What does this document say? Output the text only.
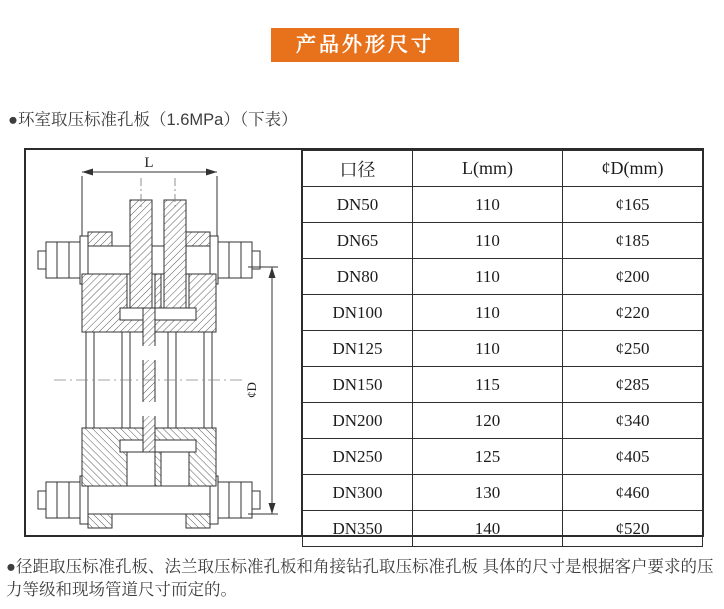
产品外形尺寸
●环室取压标准孔板（1.6MPa）（下表）
L
¢D
口径	L(mm)	¢D(mm)
DN50	110	¢165
DN65	110	¢185
DN80	110	¢200
DN100	110	¢220
DN125	110	¢250
DN150	115	¢285
DN200	120	¢340
DN250	125	¢405
DN300	130	¢460
DN350	140	¢520
●径距取压标准孔板、法兰取压标准孔板和角接钻孔取压标准孔板 具体的尺寸是根据客户要求的压力等级和现场管道尺寸而定的。
